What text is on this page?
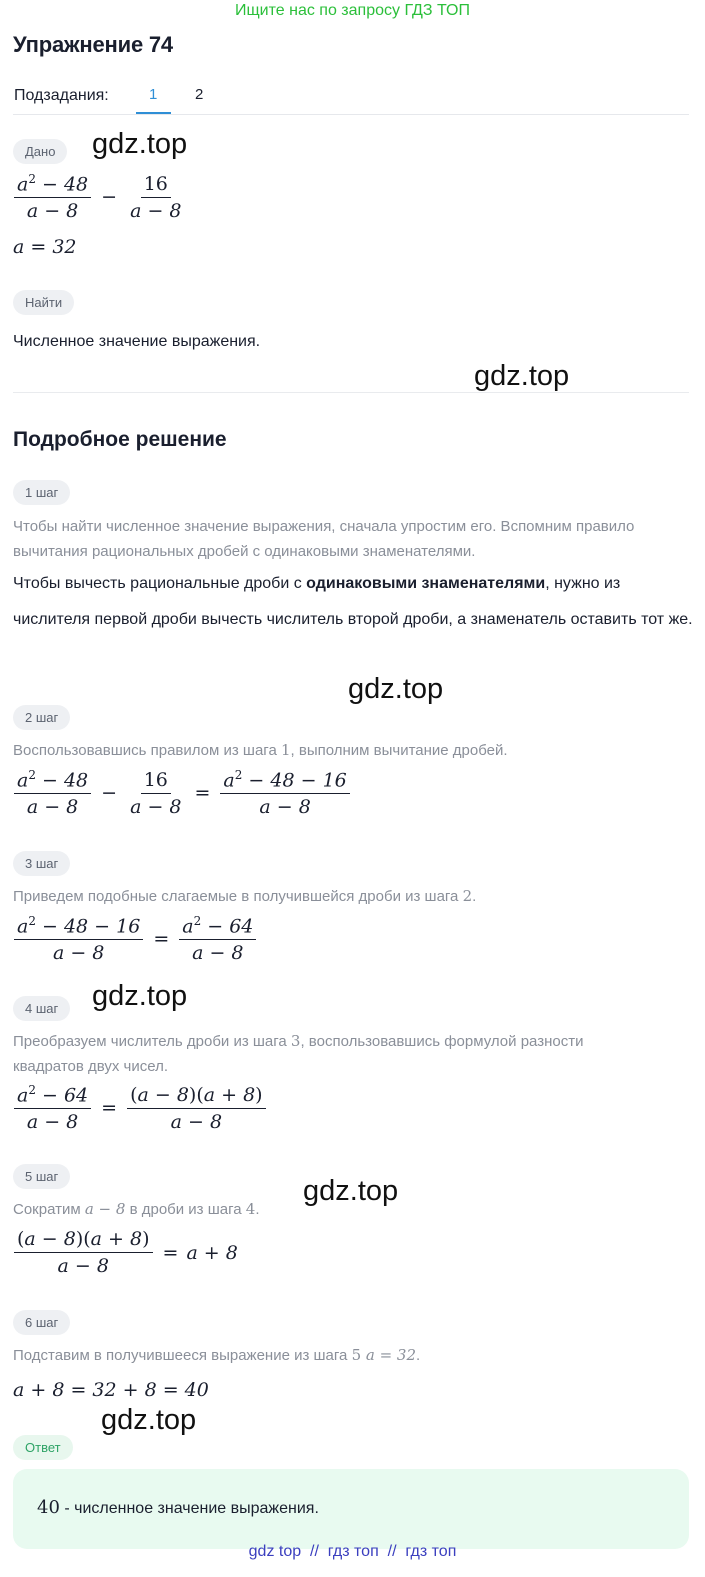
Ищите нас по запросу ГДЗ ТОП
Упражнение 74
Подзадания:	1	2
Дано	gdz.top
$\frac{a^2 - 48}{a - 8} - \frac{16}{a - 8}$
a = 32
Найти
Численное значение выражения.
gdz.top
Подробное решение
1 шаг
Чтобы найти численное значение выражения, сначала упростим его. Вспомним правило вычитания рациональных дробей с одинаковыми знаменателями.
Чтобы вычесть рациональные дроби с одинаковыми знаменателями, нужно из числителя первой дроби вычесть числитель второй дроби, а знаменатель оставить тот же.
gdz.top
2 шаг
Воспользовавшись правилом из шага 1, выполним вычитание дробей.
$\frac{a^2 - 48}{a - 8} - \frac{16}{a - 8} = \frac{a^2 - 48 - 16}{a - 8}$
3 шаг
Приведем подобные слагаемые в получившейся дроби из шага 2.
$\frac{a^2 - 48 - 16}{a - 8} = \frac{a^2 - 64}{a - 8}$
4 шаг	gdz.top
Преобразуем числитель дроби из шага 3, воспользовавшись формулой разности квадратов двух чисел.
$\frac{a^2 - 64}{a - 8} = \frac{(a - 8)(a + 8)}{a - 8}$
5 шаг	gdz.top
Сократим a − 8 в дроби из шага 4.
$\frac{(a - 8)(a + 8)}{a - 8} = a + 8$
6 шаг
Подставим в получившееся выражение из шага 5 a = 32.
a + 8 = 32 + 8 = 40
gdz.top
Ответ
40 - численное значение выражения.
gdz top  //  гдз топ  //  гдз топ
